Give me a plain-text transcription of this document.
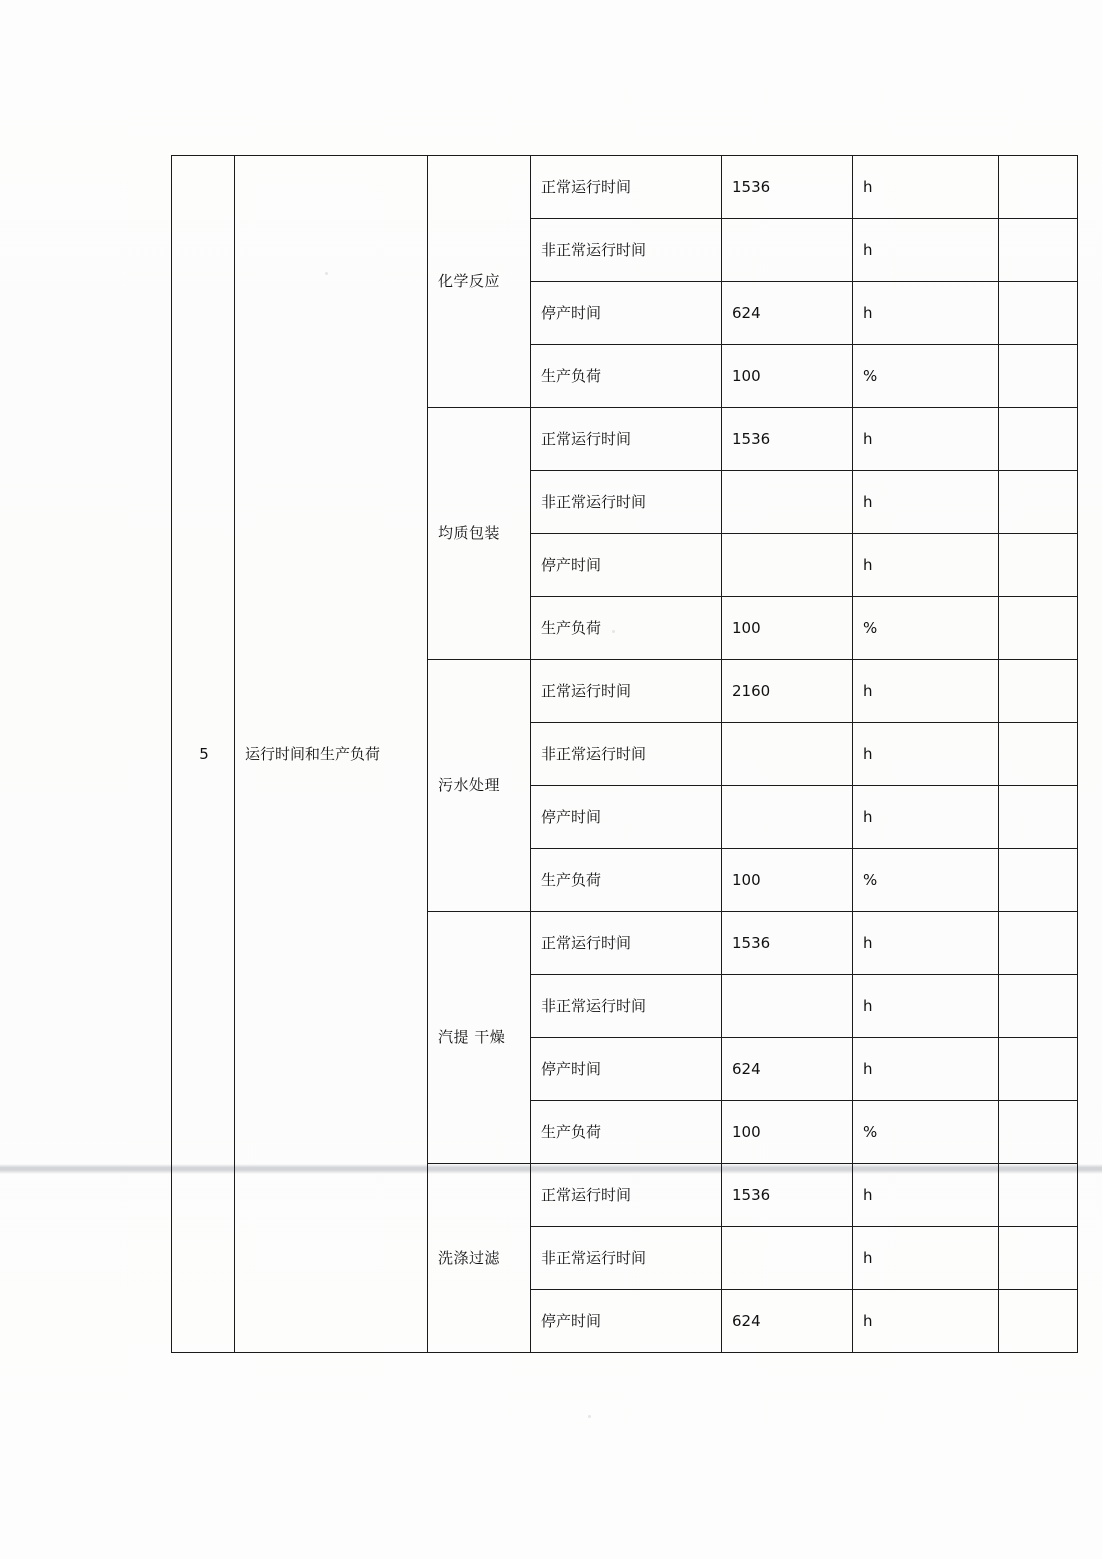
5	运行时间和生产负荷	化学反应	正常运行时间	1536	h	
			非正常运行时间		h	
			停产时间	624	h	
			生产负荷	100	%	

		均质包装	正常运行时间	1536	h	
			非正常运行时间		h	
			停产时间		h	
			生产负荷	100	%	

		污水处理	正常运行时间	2160	h	
			非正常运行时间		h	
			停产时间		h	
			生产负荷	100	%	

		汽提 干燥	正常运行时间	1536	h	
			非正常运行时间		h	
			停产时间	624	h	
			生产负荷	100	%	

		洗涤过滤	正常运行时间	1536	h	
			非正常运行时间		h	
			停产时间	624	h	
